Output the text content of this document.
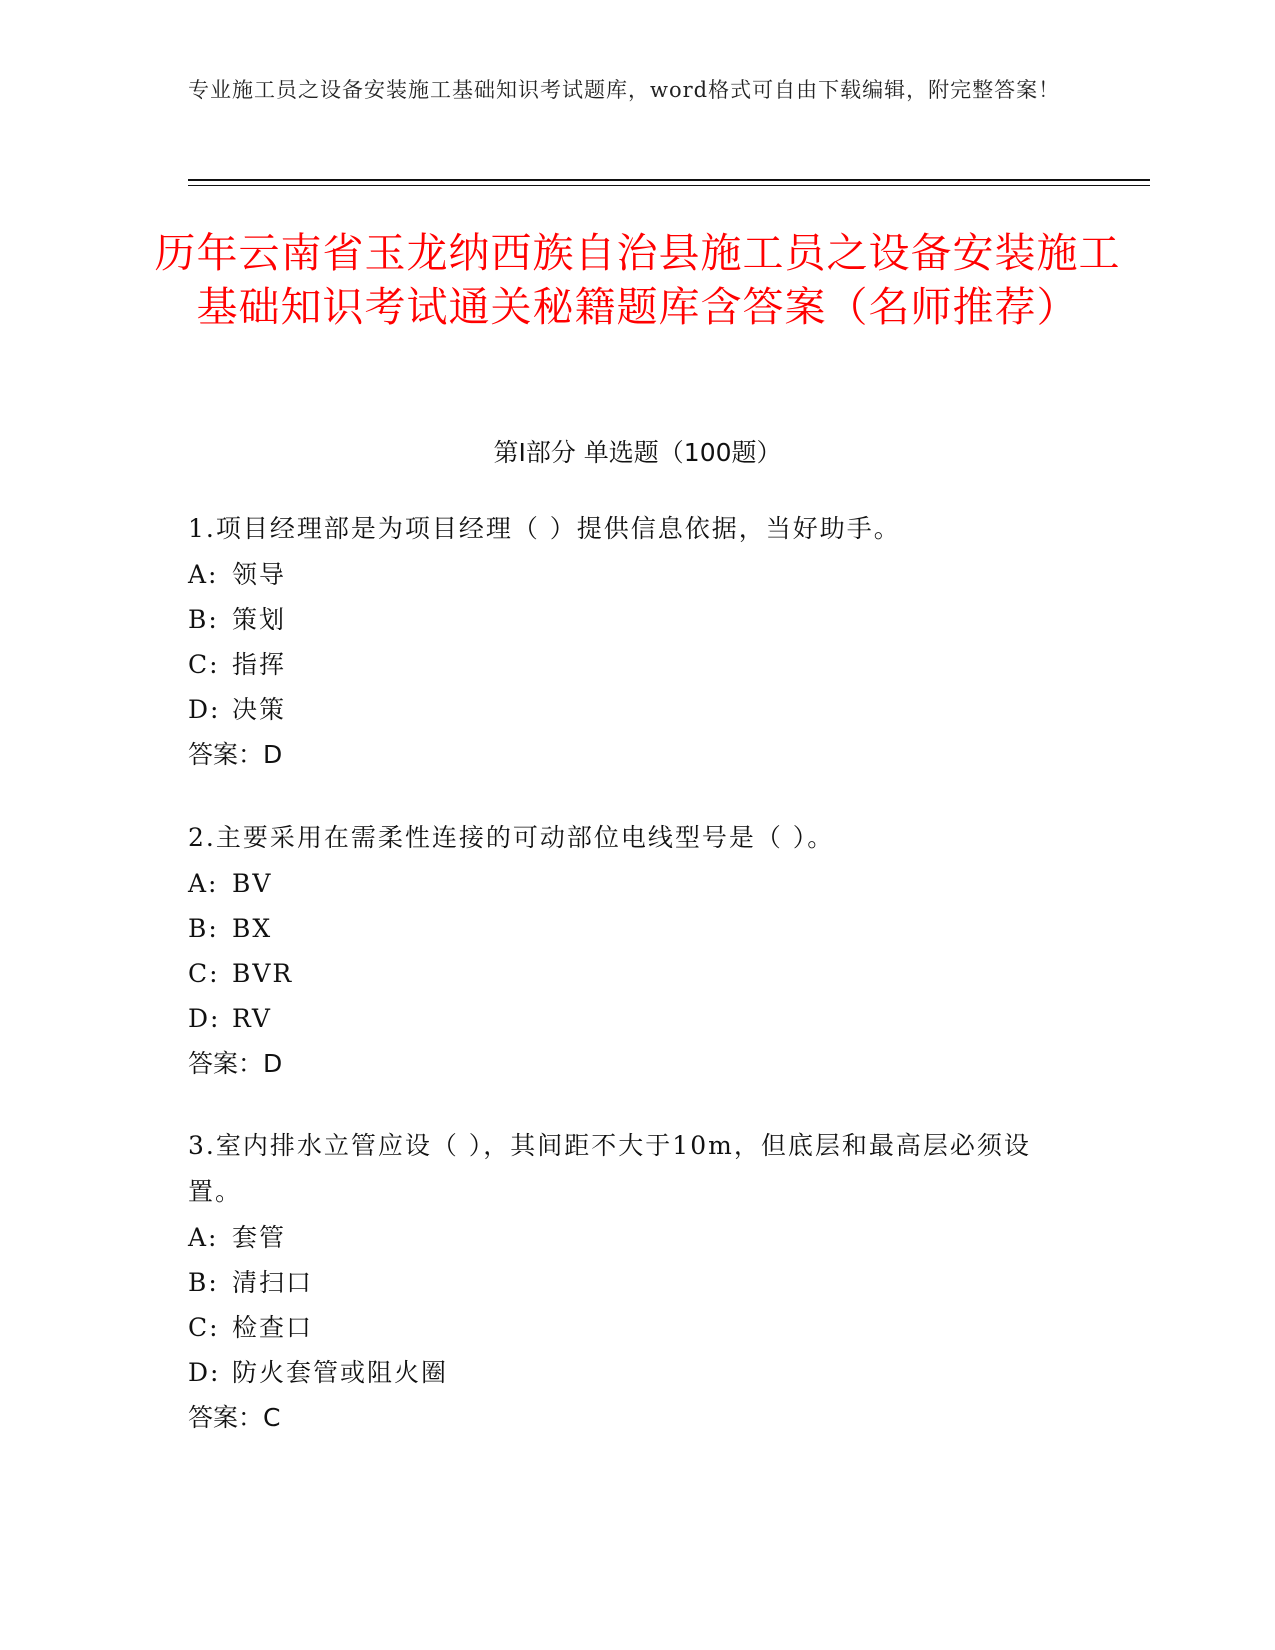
专业施工员之设备安装施工基础知识考试题库，word格式可自由下载编辑，附完整答案！
历年云南省玉龙纳西族自治县施工员之设备安装施工基础知识考试通关秘籍题库含答案（名师推荐）
第Ⅰ部分 单选题（100题）

1.项目经理部是为项目经理（ ）提供信息依据，当好助手。

A: 领导

B: 策划

C: 指挥

D: 决策

答案：D

2.主要采用在需柔性连接的可动部位电线型号是（ ）。

A: BV

B: BX

C: BVR

D: RV

答案：D

3.室内排水立管应设（ ），其间距不大于10m，但底层和最高层必须设置。

A: 套管

B: 清扫口

C: 检查口

D: 防火套管或阻火圈

答案：C
